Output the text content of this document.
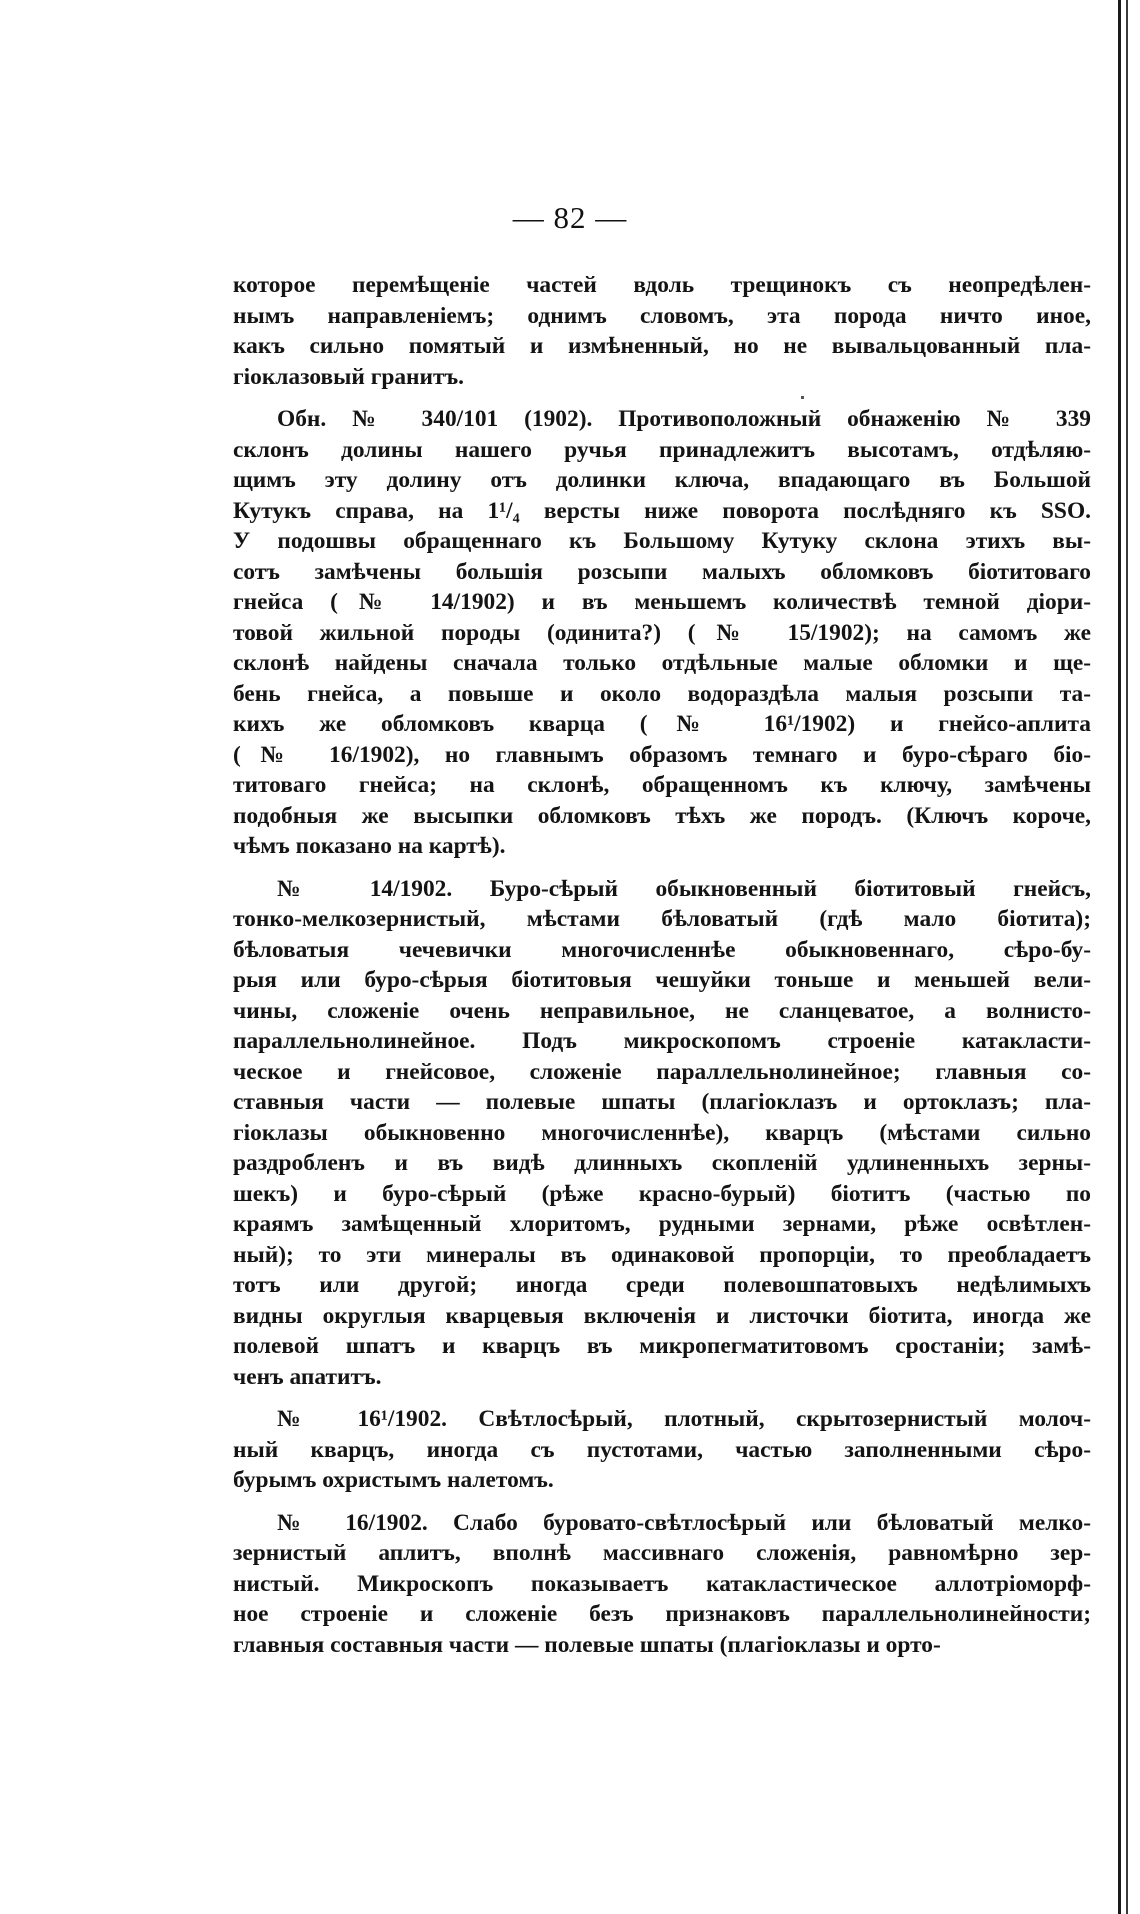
— 82 —
которое перемѣщеніе частей вдоль трещинокъ съ неопредѣлен-
нымъ направленіемъ; однимъ словомъ, эта порода ничто иное,
какъ сильно помятый и измѣненный, но не вывальцованный пла-
гіоклазовый гранитъ.
Обн. № 340/101 (1902). Противоположный обнаженію № 339
склонъ долины нашего ручья принадлежитъ высотамъ, отдѣляю-
щимъ эту долину отъ долинки ключа, впадающаго въ Большой
Кутукъ справа, на 1¹/₄ версты ниже поворота послѣдняго къ SSO.
У подошвы обращеннаго къ Большому Кутуку склона этихъ вы-
сотъ замѣчены большія розсыпи малыхъ обломковъ біотитоваго
гнейса (№ 14/1902) и въ меньшемъ количествѣ темной діори-
товой жильной породы (одинита?) (№ 15/1902); на самомъ же
склонѣ найдены сначала только отдѣльные малые обломки и ще-
бень гнейса, а повыше и около водораздѣла малыя розсыпи та-
кихъ же обломковъ кварца (№ 16¹/1902) и гнейсо-аплита
(№ 16/1902), но главнымъ образомъ темнаго и буро-сѣраго біо-
титоваго гнейса; на склонѣ, обращенномъ къ ключу, замѣчены
подобныя же высыпки обломковъ тѣхъ же породъ. (Ключъ короче,
чѣмъ показано на картѣ).
№ 14/1902. Буро-сѣрый обыкновенный біотитовый гнейсъ,
тонко-мелкозернистый, мѣстами бѣловатый (гдѣ мало біотита);
бѣловатыя чечевички многочисленнѣе обыкновеннаго, сѣро-бу-
рыя или буро-сѣрыя біотитовыя чешуйки тоньше и меньшей вели-
чины, сложеніе очень неправильное, не сланцеватое, а волнисто-
параллельнолинейное. Подъ микроскопомъ строеніе катакласти-
ческое и гнейсовое, сложеніе параллельнолинейное; главныя со-
ставныя части — полевые шпаты (плагіоклазъ и ортоклазъ; пла-
гіоклазы обыкновенно многочисленнѣе), кварцъ (мѣстами сильно
раздробленъ и въ видѣ длинныхъ скопленій удлиненныхъ зерны-
шекъ) и буро-сѣрый (рѣже красно-бурый) біотитъ (частью по
краямъ замѣщенный хлоритомъ, рудными зернами, рѣже освѣтлен-
ный); то эти минералы въ одинаковой пропорціи, то преобладаетъ
тотъ или другой; иногда среди полевошпатовыхъ недѣлимыхъ
видны округлыя кварцевыя включенія и листочки біотита, иногда же
полевой шпатъ и кварцъ въ микропегматитовомъ сростаніи; замѣ-
ченъ апатитъ.
№ 16¹/1902. Свѣтлосѣрый, плотный, скрытозернистый молоч-
ный кварцъ, иногда съ пустотами, частью заполненными сѣро-
бурымъ охристымъ налетомъ.
№ 16/1902. Слабо буровато-свѣтлосѣрый или бѣловатый мелко-
зернистый аплитъ, вполнѣ массивнаго сложенія, равномѣрно зер-
нистый. Микроскопъ показываетъ катакластическое аллотріоморф-
ное строеніе и сложеніе безъ признаковъ параллельнолинейности;
главныя составныя части — полевые шпаты (плагіоклазы и орто-
